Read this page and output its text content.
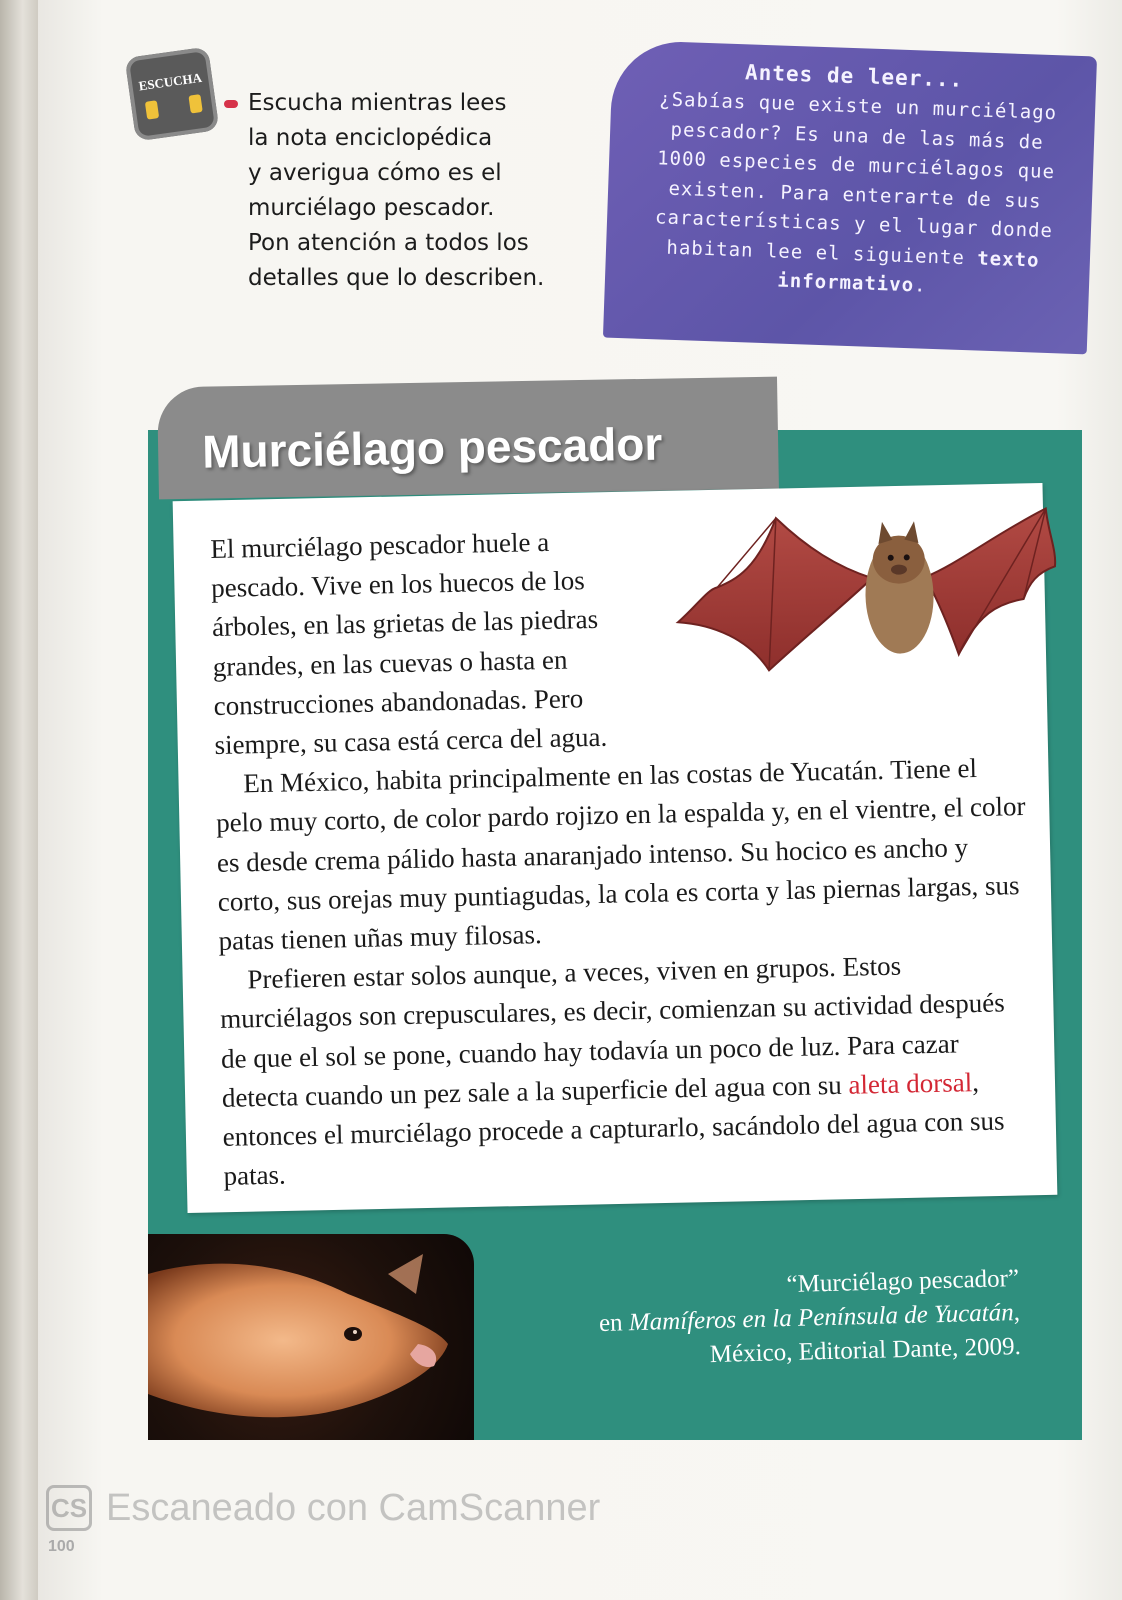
ESCUCHA

Escucha mientras lees

la nota enciclopédica

y averigua cómo es el

murciélago pescador.

Pon atención a todos los

detalles que lo describen.

Antes de leer...
¿Sabías que existe un murciélago pescador? Es una de las más de 1000 especies de murciélagos que existen. Para enterarte de sus características y el lugar donde habitan lee el siguiente texto informativo.
Murciélago pescador

El murciélago pescador huele a pescado. Vive en los huecos de los árboles, en las grietas de las piedras grandes, en las cuevas o hasta en construcciones abandonadas. Pero siempre, su casa está cerca del agua.

En México, habita principalmente en las costas de Yucatán. Tiene el pelo muy corto, de color pardo rojizo en la espalda y, en el vientre, el color es desde crema pálido hasta anaranjado intenso. Su hocico es ancho y corto, sus orejas muy puntiagudas, la cola es corta y las piernas largas, sus patas tienen uñas muy filosas.

Prefieren estar solos aunque, a veces, viven en grupos. Estos murciélagos son crepusculares, es decir, comienzan su actividad después de que el sol se pone, cuando hay todavía un poco de luz. Para cazar detecta cuando un pez sale a la superficie del agua con su aleta dorsal, entonces el murciélago procede a capturarlo, sacándolo del agua con sus patas.

“Murciélago pescador”

en Mamíferos en la Península de Yucatán,

México, Editorial Dante, 2009.

CS Escaneado con CamScanner
100
